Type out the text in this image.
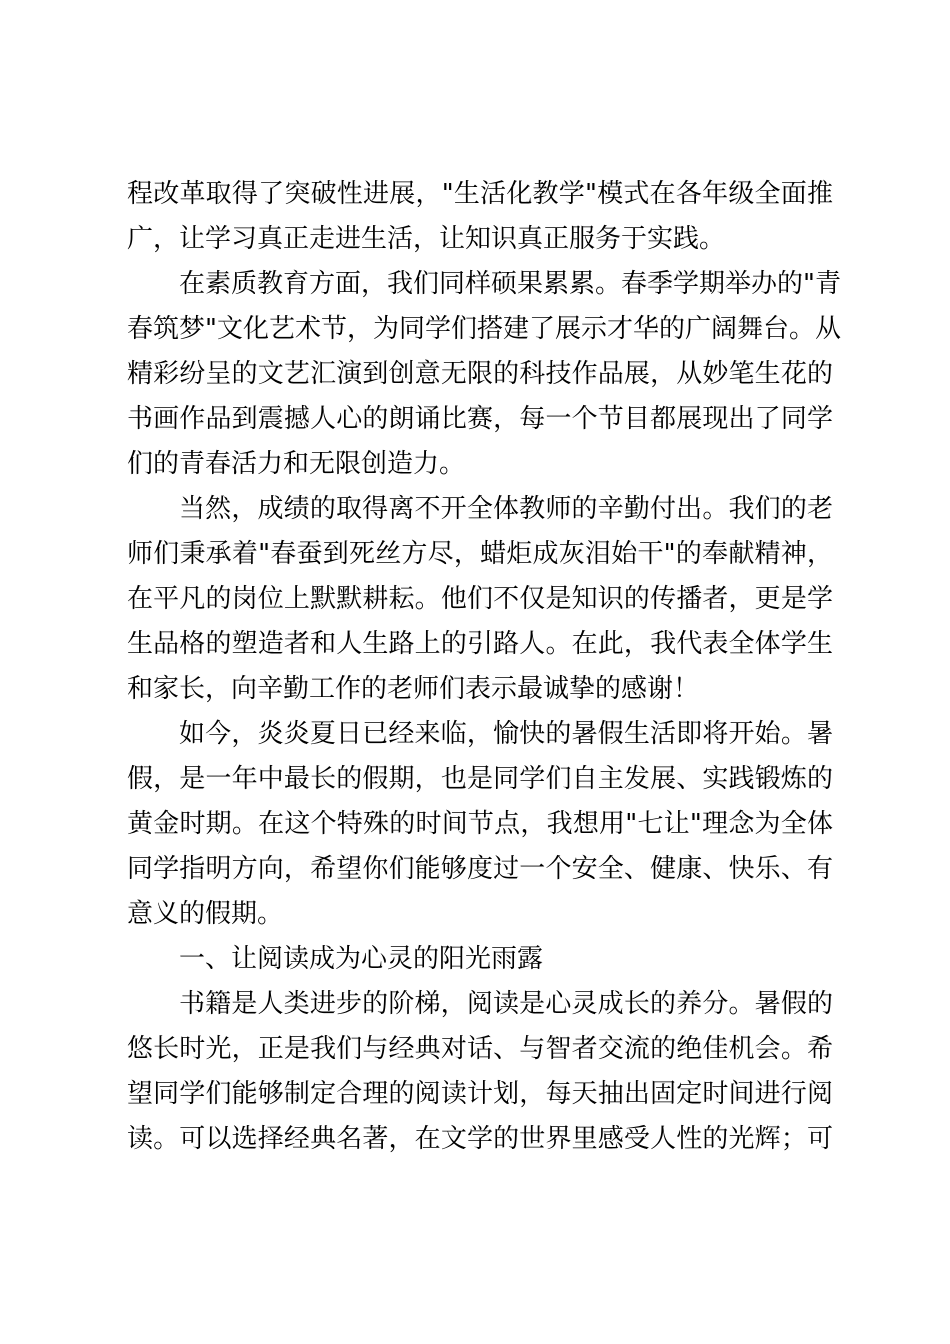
程改革取得了突破性进展，"生活化教学"模式在各年级全面推
广，让学习真正走进生活，让知识真正服务于实践。
在素质教育方面，我们同样硕果累累。春季学期举办的"青
春筑梦"文化艺术节，为同学们搭建了展示才华的广阔舞台。从
精彩纷呈的文艺汇演到创意无限的科技作品展，从妙笔生花的
书画作品到震撼人心的朗诵比赛，每一个节目都展现出了同学
们的青春活力和无限创造力。
当然，成绩的取得离不开全体教师的辛勤付出。我们的老
师们秉承着"春蚕到死丝方尽，蜡炬成灰泪始干"的奉献精神，
在平凡的岗位上默默耕耘。他们不仅是知识的传播者，更是学
生品格的塑造者和人生路上的引路人。在此，我代表全体学生
和家长，向辛勤工作的老师们表示最诚挚的感谢！
如今，炎炎夏日已经来临，愉快的暑假生活即将开始。暑
假，是一年中最长的假期，也是同学们自主发展、实践锻炼的
黄金时期。在这个特殊的时间节点，我想用"七让"理念为全体
同学指明方向，希望你们能够度过一个安全、健康、快乐、有
意义的假期。
一、让阅读成为心灵的阳光雨露
书籍是人类进步的阶梯，阅读是心灵成长的养分。暑假的
悠长时光，正是我们与经典对话、与智者交流的绝佳机会。希
望同学们能够制定合理的阅读计划，每天抽出固定时间进行阅
读。可以选择经典名著，在文学的世界里感受人性的光辉；可
